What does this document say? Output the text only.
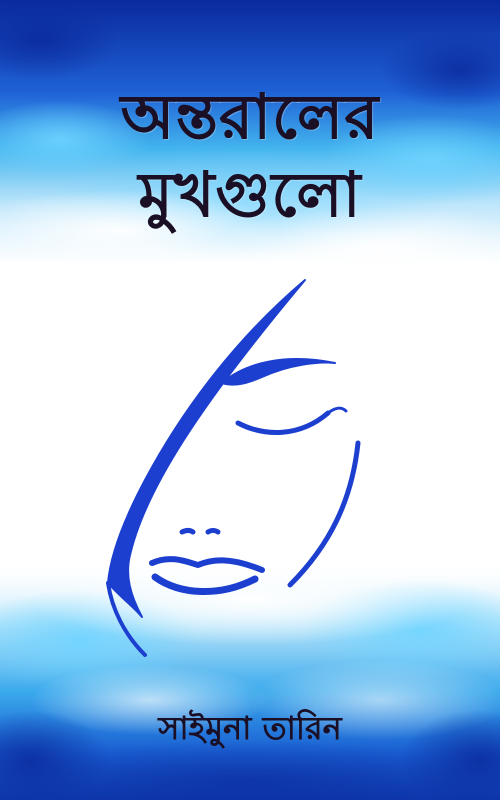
অন্তরালের
মুখগুলো
সাইমুনা তারিন
